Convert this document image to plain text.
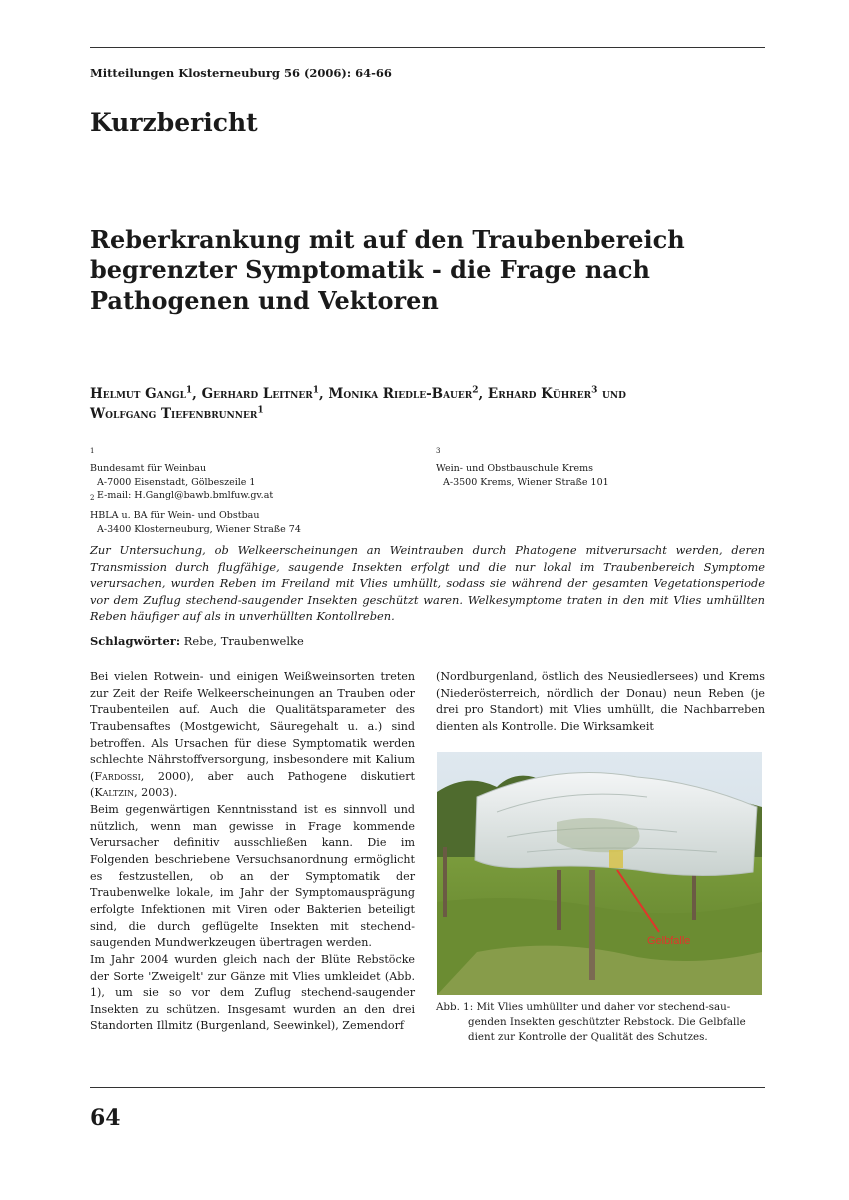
Mitteilungen Klosterneuburg 56 (2006): 64-66
Kurzbericht
Reberkrankung mit auf den Traubenbereich
begrenzter Symptomatik - die Frage nach
Pathogenen und Vektoren
Helmut Gangl$^1$, Gerhard Leitner$^1$, Monika Riedle-Bauer$^2$, Erhard Kührer$^3$ und
Wolfgang Tiefenbrunner$^1$
$^1$
Bundesamt für Weinbau
A-7000 Eisenstadt, Gölbeszeile 1
E-mail: H.Gangl@bawb.bmlfuw.gv.at
$^2$
HBLA u. BA für Wein- und Obstbau
A-3400 Klosterneuburg, Wiener Straße 74
$^3$
Wein- und Obstbauschule Krems
A-3500 Krems, Wiener Straße 101
Zur Untersuchung, ob Welkeerscheinungen an Weintrauben durch Phatogene mitverursacht werden, deren Transmission durch flugfähige, saugende Insekten erfolgt und die nur lokal im Traubenbereich Symptome verursachen, wurden Reben im Freiland mit Vlies umhüllt, sodass sie während der gesamten Vegetationsperiode vor dem Zuflug stechend-saugender Insekten geschützt waren. Welkesymptome traten in den mit Vlies umhüllten Reben häufiger auf als in unverhüllten Kontollreben.
Schlagwörter: Rebe, Traubenwelke

Bei vielen Rotwein- und einigen Weißweinsorten treten zur Zeit der Reife Welkeerscheinungen an Trauben oder Traubenteilen auf. Auch die Qualitätsparameter des Traubensaftes (Mostgewicht, Säuregehalt u. a.) sind betroffen. Als Ursachen für diese Symptomatik werden schlechte Nährstoffversorgung, insbesondere mit Kalium (Fardossi, 2000), aber auch Pathogene diskutiert (Kaltzin, 2003).

Beim gegenwärtigen Kenntnisstand ist es sinnvoll und nützlich, wenn man gewisse in Frage kommende Verursacher definitiv ausschließen kann. Die im Folgenden beschriebene Versuchsanordnung ermöglicht es festzustellen, ob an der Symptomatik der Traubenwelke lokale, im Jahr der Symptomausprägung erfolgte Infektionen mit Viren oder Bakterien beteiligt sind, die durch geflügelte Insekten mit stechend-saugenden Mundwerkzeugen übertragen werden.

Im Jahr 2004 wurden gleich nach der Blüte Rebstöcke der Sorte 'Zweigelt' zur Gänze mit Vlies umkleidet (Abb. 1), um sie so vor dem Zuflug stechend-saugender Insekten zu schützen. Insgesamt wurden an den drei Standorten Illmitz (Burgenland, Seewinkel), Zemendorf

(Nordburgenland, östlich des Neusiedlersees) und Krems (Niederösterreich, nördlich der Donau) neun Reben (je drei pro Standort) mit Vlies umhüllt, die Nachbarreben dienten als Kontrolle. Die Wirksamkeit

Gelbfalle
Abb. 1: Mit Vlies umhüllter und daher vor stechend-sau-
genden Insekten geschützter Rebstock. Die Gelbfalle dient zur Kontrolle der Qualität des Schutzes.
64
